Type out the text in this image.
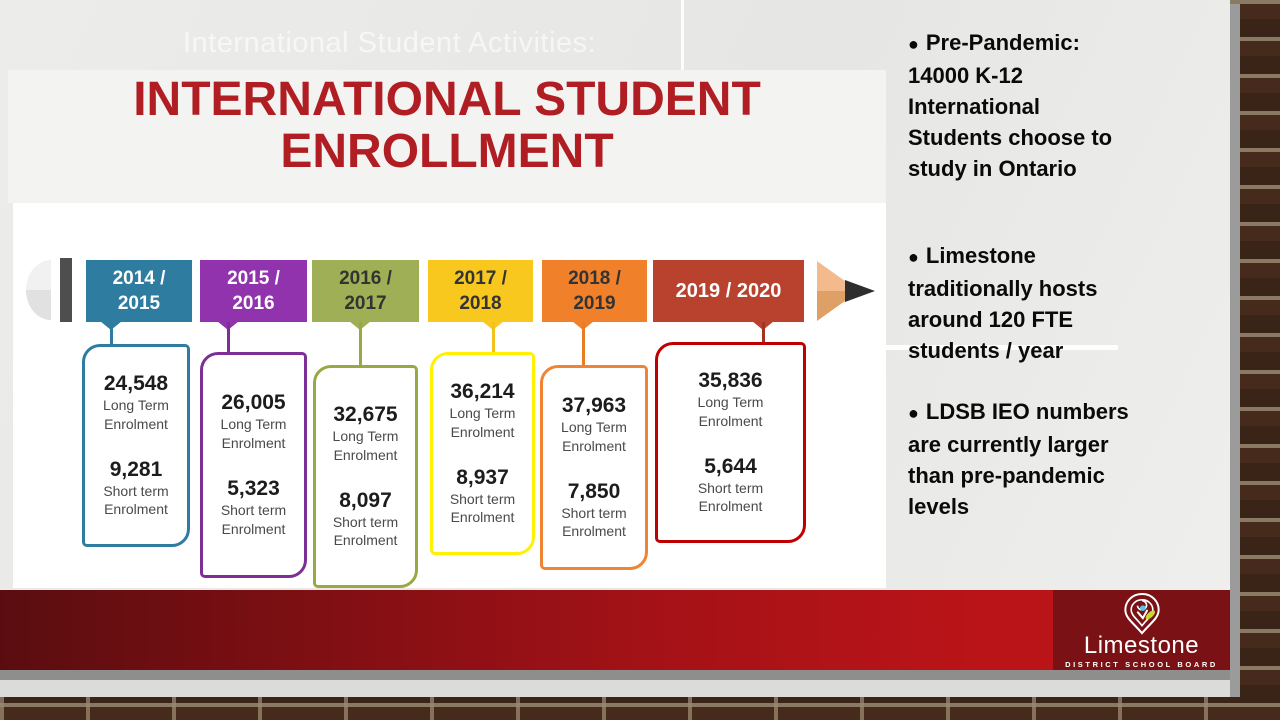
International Student Activities:
INTERNATIONAL STUDENT
ENROLLMENT
2014 /
2015
24,548
Long Term
Enrolment
9,281
Short term
Enrolment
2015 /
2016
26,005
Long Term
Enrolment
5,323
Short term
Enrolment
2016 /
2017
32,675
Long Term
Enrolment
8,097
Short term
Enrolment
2017 /
2018
36,214
Long Term
Enrolment
8,937
Short term
Enrolment
2018 /
2019
37,963
Long Term
Enrolment
7,850
Short term
Enrolment
2019 / 2020
35,836
Long Term
Enrolment
5,644
Short term
Enrolment

● Pre-Pandemic:
14000 K-12
International
Students choose to
study in Ontario

● Limestone
traditionally hosts
around 120 FTE
students / year

● LDSB IEO numbers
are currently larger
than pre-pandemic
levels

Limestone
DISTRICT SCHOOL BOARD
